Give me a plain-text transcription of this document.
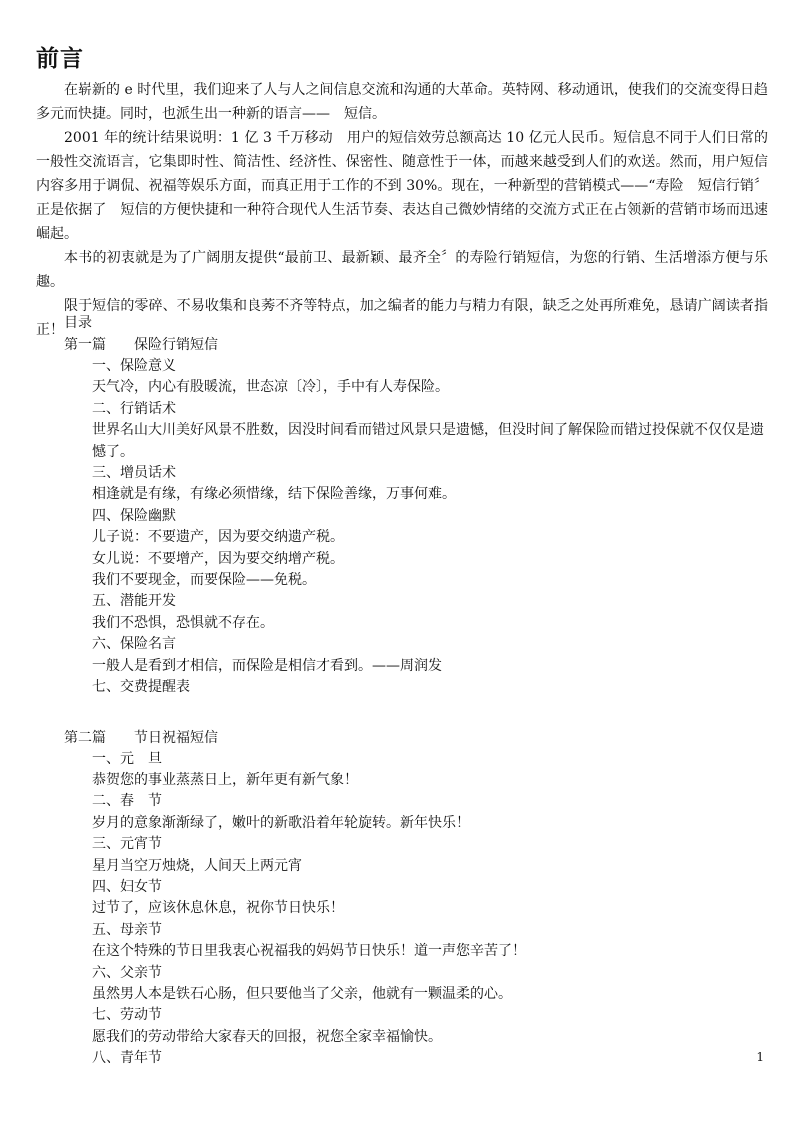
前言

在崭新的 e 时代里，我们迎来了人与人之间信息交流和沟通的大革命。英特网、移动通讯，使我们的交流变得日趋多元而快捷。同时，也派生出一种新的语言——　短信。

2001 年的统计结果说明：1 亿 3 千万移动　用户的短信效劳总额高达 10 亿元人民币。短信息不同于人们日常的一般性交流语言，它集即时性、简洁性、经济性、保密性、随意性于一体，而越来越受到人们的欢送。然而，用户短信内容多用于调侃、祝福等娱乐方面，而真正用于工作的不到 30%。现在，一种新型的营销模式——“寿险　短信行销〞正是依据了　短信的方便快捷和一种符合现代人生活节奏、表达自己微妙情绪的交流方式正在占领新的营销市场而迅速崛起。

本书的初衷就是为了广阔朋友提供“最前卫、最新颖、最齐全〞的寿险行销短信，为您的行销、生活增添方便与乐趣。

限于短信的零碎、不易收集和良莠不齐等特点，加之编者的能力与精力有限，缺乏之处再所难免，恳请广阔读者指正！ 目录
第一篇　　保险行销短信
一、保险意义
天气冷，内心有股暖流，世态凉〔冷〕，手中有人寿保险。
二、行销话术
世界名山大川美好风景不胜数，因没时间看而错过风景只是遗憾，但没时间了解保险而错过投保就不仅仅是遗憾了。
三、增员话术
相逢就是有缘，有缘必须惜缘，结下保险善缘，万事何难。
四、保险幽默
儿子说：不要遗产，因为要交纳遗产税。
女儿说：不要增产，因为要交纳增产税。
我们不要现金，而要保险——免税。
五、潜能开发
我们不恐惧，恐惧就不存在。
六、保险名言
一般人是看到才相信，而保险是相信才看到。——周润发
七、交费提醒表
第二篇　　节日祝福短信
一、元　旦
恭贺您的事业蒸蒸日上，新年更有新气象！
二、春　节
岁月的意象渐渐绿了，嫩叶的新歌沿着年轮旋转。新年快乐！
三、元宵节
星月当空万烛烧，人间天上两元宵
四、妇女节
过节了，应该休息休息，祝你节日快乐！
五、母亲节
在这个特殊的节日里我衷心祝福我的妈妈节日快乐！道一声您辛苦了！
六、父亲节
虽然男人本是铁石心肠，但只要他当了父亲，他就有一颗温柔的心。
七、劳动节
愿我们的劳动带给大家春天的回报，祝您全家幸福愉快。
八、青年节	1
